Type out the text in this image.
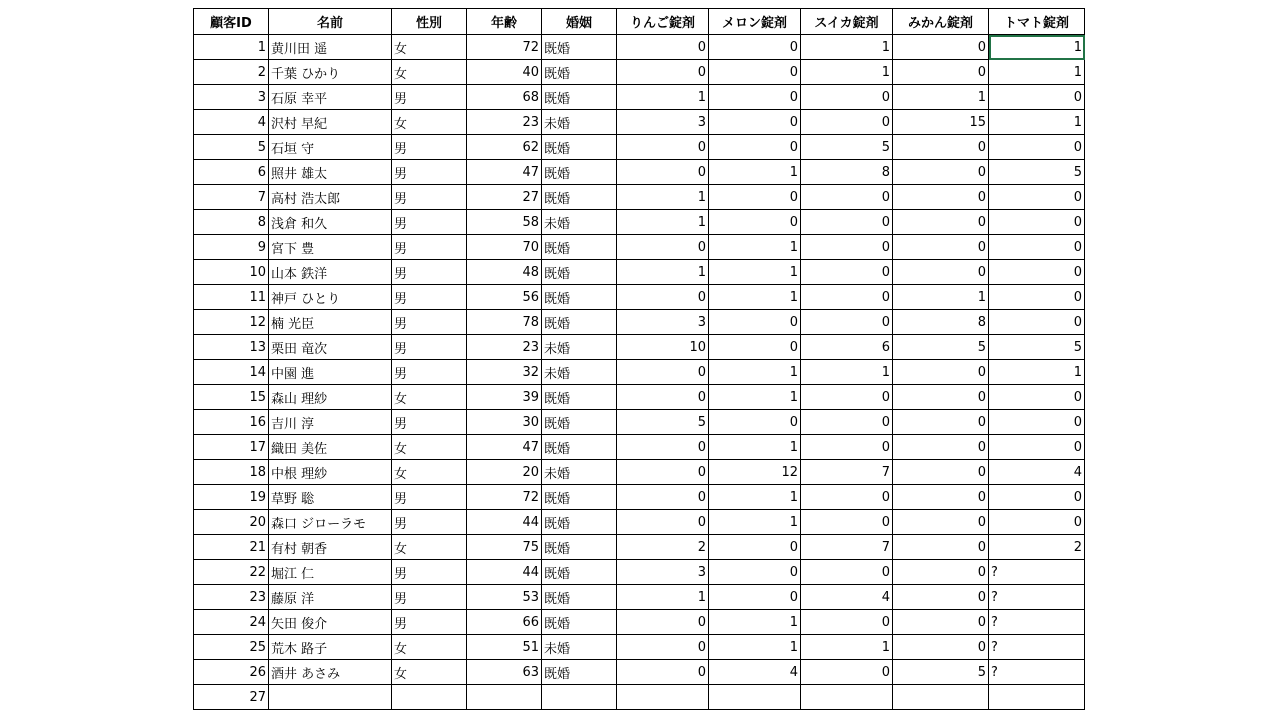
顧客ID	名前	性別	年齢	婚姻	りんご錠剤	メロン錠剤	スイカ錠剤	みかん錠剤	トマト錠剤
1	黄川田 遥	女	72	既婚	0	0	1	0	1
2	千葉 ひかり	女	40	既婚	0	0	1	0	1
3	石原 幸平	男	68	既婚	1	0	0	1	0
4	沢村 早紀	女	23	未婚	3	0	0	15	1
5	石垣 守	男	62	既婚	0	0	5	0	0
6	照井 雄太	男	47	既婚	0	1	8	0	5
7	高村 浩太郎	男	27	既婚	1	0	0	0	0
8	浅倉 和久	男	58	未婚	1	0	0	0	0
9	宮下 豊	男	70	既婚	0	1	0	0	0
10	山本 鉄洋	男	48	既婚	1	1	0	0	0
11	神戸 ひとり	男	56	既婚	0	1	0	1	0
12	楠 光臣	男	78	既婚	3	0	0	8	0
13	栗田 竜次	男	23	未婚	10	0	6	5	5
14	中園 進	男	32	未婚	0	1	1	0	1
15	森山 理紗	女	39	既婚	0	1	0	0	0
16	吉川 淳	男	30	既婚	5	0	0	0	0
17	織田 美佐	女	47	既婚	0	1	0	0	0
18	中根 理紗	女	20	未婚	0	12	7	0	4
19	草野 聡	男	72	既婚	0	1	0	0	0
20	森口 ジローラモ	男	44	既婚	0	1	0	0	0
21	有村 朝香	女	75	既婚	2	0	7	0	2
22	堀江 仁	男	44	既婚	3	0	0	0	?
23	藤原 洋	男	53	既婚	1	0	4	0	?
24	矢田 俊介	男	66	既婚	0	1	0	0	?
25	荒木 路子	女	51	未婚	0	1	1	0	?
26	酒井 あさみ	女	63	既婚	0	4	0	5	?
27									
